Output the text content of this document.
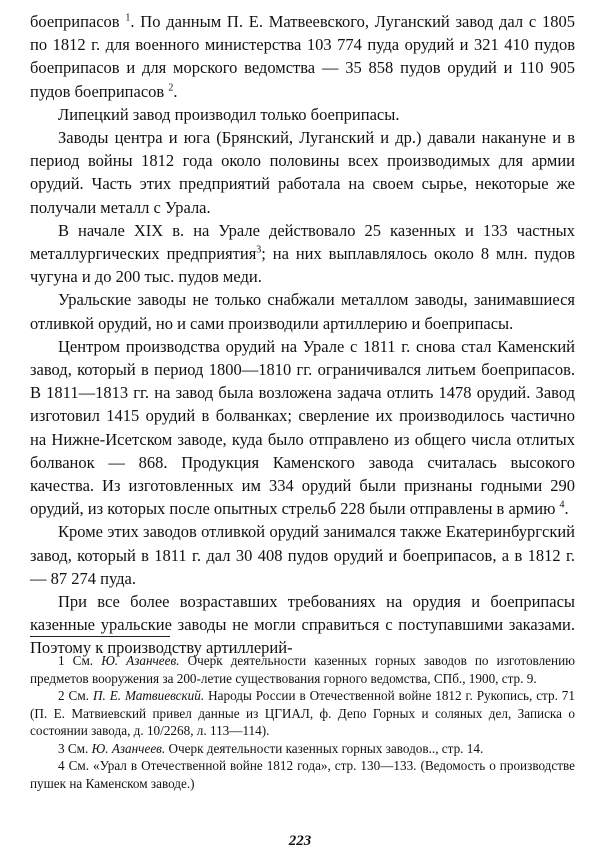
боеприпасов $^1$. По данным П. Е. Матвеевского, Луганский завод дал с 1805 по 1812 г. для военного министерства 103 774 пуда орудий и 321 410 пудов боеприпасов и для морского ведомства — 35 858 пудов орудий и 110 905 пудов боеприпасов $^2$.

Липецкий завод производил только боеприпасы.

Заводы центра и юга (Брянский, Луганский и др.) давали накануне и в период войны 1812 года около половины всех производимых для армии орудий. Часть этих предприятий работала на своем сырье, некоторые же получали металл с Урала.

В начале XIX в. на Урале действовало 25 казенных и 133 частных металлургических предприятия$^3$; на них выплавлялось около 8 млн. пудов чугуна и до 200 тыс. пудов меди.

Уральские заводы не только снабжали металлом заводы, занимавшиеся отливкой орудий, но и сами производили артиллерию и боеприпасы.

Центром производства орудий на Урале с 1811 г. снова стал Каменский завод, который в период 1800—1810 гг. ограничивался литьем боеприпасов. В 1811—1813 гг. на завод была возложена задача отлить 1478 орудий. Завод изготовил 1415 орудий в болванках; сверление их производилось частично на Нижне-Исетском заводе, куда было отправлено из общего числа отлитых болванок — 868. Продукция Каменского завода считалась высокого качества. Из изготовленных им 334 орудий были признаны годными 290 орудий, из которых после опытных стрельб 228 были отправлены в армию $^4$.

Кроме этих заводов отливкой орудий занимался также Екатеринбургский завод, который в 1811 г. дал 30 408 пудов орудий и боеприпасов, а в 1812 г. — 87 274 пуда.

При все более возраставших требованиях на орудия и боеприпасы казенные уральские заводы не могли справиться с поступавшими заказами. Поэтому к производству артиллерий-

1 См. Ю. Азанчеев. Очерк деятельности казенных горных заводов по изготовлению предметов вооружения за 200-летие существования горного ведомства, СПб., 1900, стр. 9.

2 См. П. Е. Матвиевский. Народы России в Отечественной войне 1812 г. Рукопись, стр. 71 (П. Е. Матвиевский привел данные из ЦГИАЛ, ф. Депо Горных и соляных дел, Записка о состоянии завода, д. 10/2268, л. 113—114).

3 См. Ю. Азанчеев. Очерк деятельности казенных горных заводов.., стр. 14.

4 См. «Урал в Отечественной войне 1812 года», стр. 130—133. (Ведомость о производстве пушек на Каменском заводе.)

223
